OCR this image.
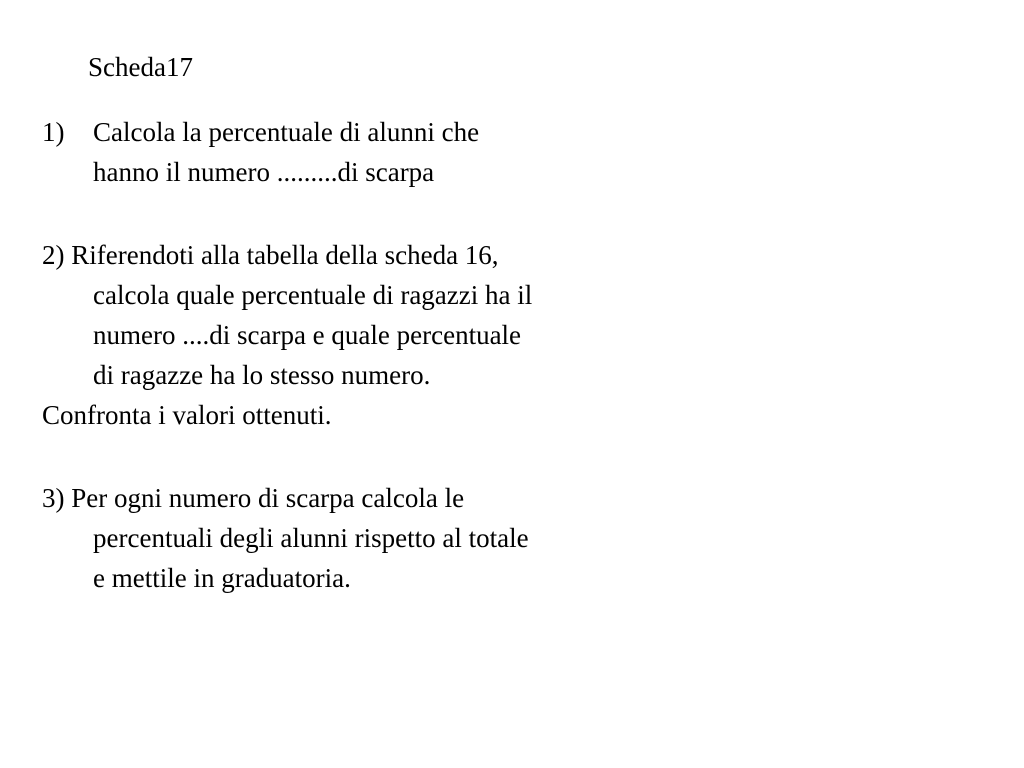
Scheda17
1) Calcola la percentuale di alunni che
hanno il numero .........di scarpa
2) Riferendoti alla tabella della scheda 16,
calcola quale percentuale di ragazzi ha il
numero ....di scarpa e quale percentuale
di ragazze ha lo stesso numero.
Confronta i valori ottenuti.
3) Per ogni numero di scarpa calcola le
percentuali degli alunni rispetto al totale
e mettile in graduatoria.
